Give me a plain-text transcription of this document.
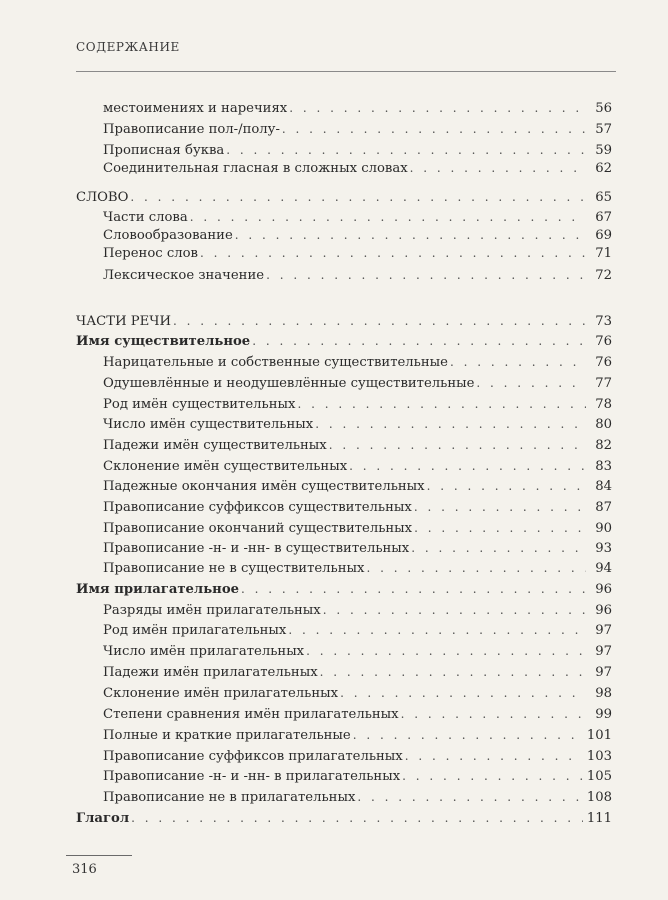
СОДЕРЖАНИЕ
местоимениях и наречиях . . .	56
Правописание пол-/полу- . . .	57
Прописная буква . . .	59
Соединительная гласная в сложных словах . . .	62
СЛОВО . . .	65
Части слова . . .	67
Словообразование . . .	69
Перенос слов . . .	71
Лексическое значение . . .	72
ЧАСТИ РЕЧИ . . .	73
Имя существительное . . .	76
Нарицательные и собственные существительные . . .	76
Одушевлённые и неодушевлённые существительные . . .	77
Род имён существительных . . .	78
Число имён существительных . . .	80
Падежи имён существительных . . .	82
Склонение имён существительных . . .	83
Падежные окончания имён существительных . . .	84
Правописание суффиксов существительных . . .	87
Правописание окончаний существительных . . .	90
Правописание -н- и -нн- в существительных . . .	93
Правописание не в существительных . . .	94
Имя прилагательное . . .	96
Разряды имён прилагательных . . .	96
Род имён прилагательных . . .	97
Число имён прилагательных . . .	97
Падежи имён прилагательных . . .	97
Склонение имён прилагательных . . .	98
Степени сравнения имён прилагательных . . .	99
Полные и краткие прилагательные . . .	101
Правописание суффиксов прилагательных . . .	103
Правописание -н- и -нн- в прилагательных . . .	105
Правописание не в прилагательных . . .	108
Глагол . . .	111
316
